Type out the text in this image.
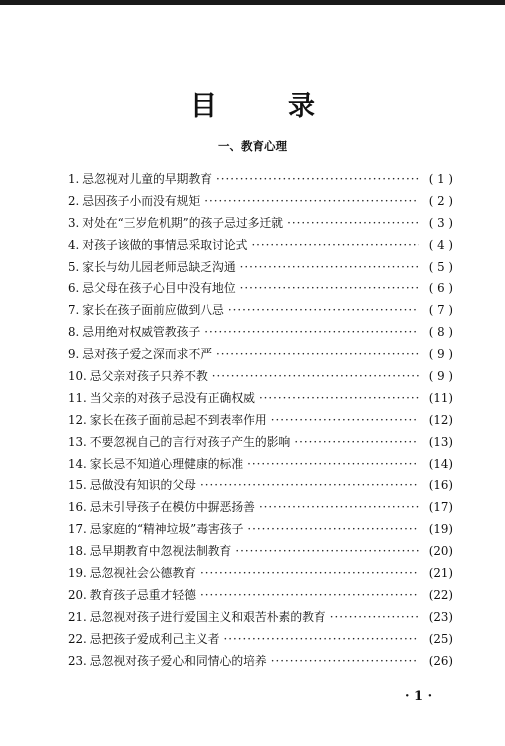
目　录
一、教育心理
1. 忌忽视对儿童的早期教育 ·····	( 1 )
2. 忌因孩子小而没有规矩 ·····	( 2 )
3. 对处在“三岁危机期”的孩子忌过多迁就 ·····	( 3 )
4. 对孩子该做的事情忌采取讨论式 ·····	( 4 )
5. 家长与幼儿园老师忌缺乏沟通 ·····	( 5 )
6. 忌父母在孩子心目中没有地位 ·····	( 6 )
7. 家长在孩子面前应做到八忌 ·····	( 7 )
8. 忌用绝对权威管教孩子 ·····	( 8 )
9. 忌对孩子爱之深而求不严 ·····	( 9 )
10. 忌父亲对孩子只养不教 ·····	( 9 )
11. 当父亲的对孩子忌没有正确权威 ·····	(11)
12. 家长在孩子面前忌起不到表率作用 ·····	(12)
13. 不要忽视自己的言行对孩子产生的影响 ·····	(13)
14. 家长忌不知道心理健康的标准 ·····	(14)
15. 忌做没有知识的父母 ·····	(16)
16. 忌未引导孩子在模仿中摒恶扬善 ·····	(17)
17. 忌家庭的“精神垃圾”毒害孩子 ·····	(19)
18. 忌早期教育中忽视法制教育 ·····	(20)
19. 忌忽视社会公德教育 ·····	(21)
20. 教育孩子忌重才轻德 ·····	(22)
21. 忌忽视对孩子进行爱国主义和艰苦朴素的教育 ·····	(23)
22. 忌把孩子爱成利己主义者 ·····	(25)
23. 忌忽视对孩子爱心和同情心的培养 ·····	(26)
· 1 ·
